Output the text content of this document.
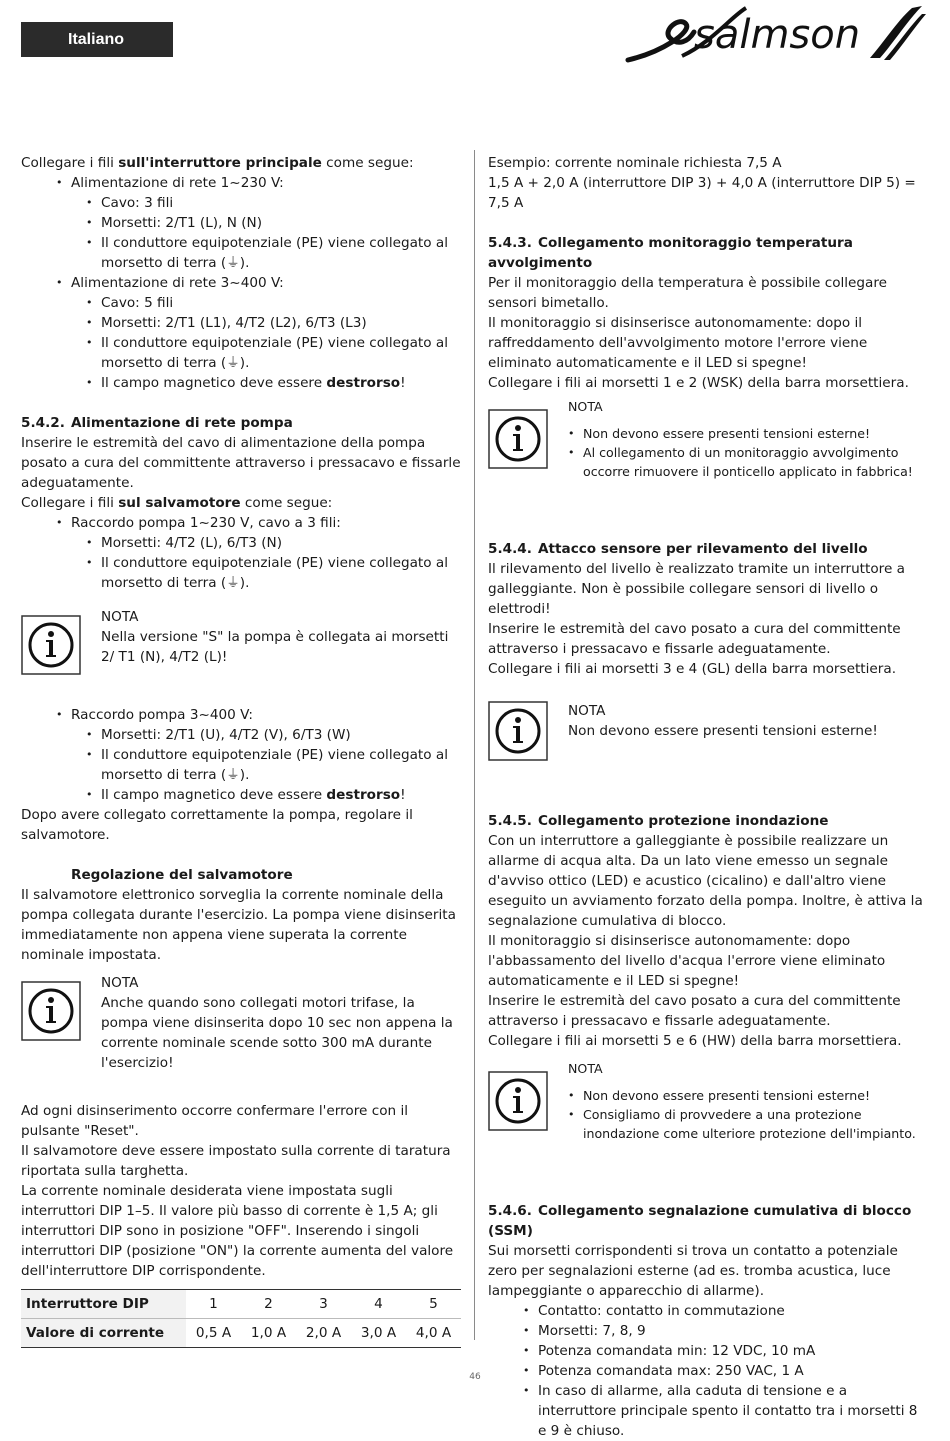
Italiano	salmson

Collegare i fili sull'interruttore principale come segue:

• Alimentazione di rete 1~230 V:
• Cavo: 3 fili
• Morsetti: 2/T1 (L), N (N)
• Il conduttore equipotenziale (PE) viene collegato al morsetto di terra (⏚).
• Alimentazione di rete 3~400 V:
• Cavo: 5 fili
• Morsetti: 2/T1 (L1), 4/T2 (L2), 6/T3 (L3)
• Il conduttore equipotenziale (PE) viene collegato al morsetto di terra (⏚).
• Il campo magnetico deve essere destrorso!

5.4.2. Alimentazione di rete pompa

Inserire le estremità del cavo di alimentazione della pompa posato a cura del committente attraverso i pressacavo e fissarle adeguatamente.

Collegare i fili sul salvamotore come segue:

• Raccordo pompa 1~230 V, cavo a 3 fili:
• Morsetti: 4/T2 (L), 6/T3 (N)
• Il conduttore equipotenziale (PE) viene collegato al morsetto di terra (⏚).

NOTA

Nella versione "S" la pompa è collegata ai morsetti 2/ T1 (N), 4/T2 (L)!

• Raccordo pompa 3~400 V:
• Morsetti: 2/T1 (U), 4/T2 (V), 6/T3 (W)
• Il conduttore equipotenziale (PE) viene collegato al morsetto di terra (⏚).
• Il campo magnetico deve essere destrorso!

Dopo avere collegato correttamente la pompa, regolare il salvamotore.

Regolazione del salvamotore

Il salvamotore elettronico sorveglia la corrente nominale della pompa collegata durante l'esercizio. La pompa viene disinserita immediatamente non appena viene superata la corrente nominale impostata.

NOTA

Anche quando sono collegati motori trifase, la pompa viene disinserita dopo 10 sec non appena la corrente nominale scende sotto 300 mA durante l'esercizio!

Ad ogni disinserimento occorre confermare l'errore con il pulsante "Reset".

Il salvamotore deve essere impostato sulla corrente di taratura riportata sulla targhetta.

La corrente nominale desiderata viene impostata sugli interruttori DIP 1–5. Il valore più basso di corrente è 1,5 A; gli interruttori DIP sono in posizione "OFF". Inserendo i singoli interruttori DIP (posizione "ON") la corrente aumenta del valore dell'interruttore DIP corrispondente.

Interruttore DIP	1	2	3	4	5
Valore di corrente	0,5 A	1,0 A	2,0 A	3,0 A	4,0 A

Esempio: corrente nominale richiesta 7,5 A

1,5 A + 2,0 A (interruttore DIP 3) + 4,0 A (interruttore DIP 5) = 7,5 A

5.4.3. Collegamento monitoraggio temperatura avvolgimento

Per il monitoraggio della temperatura è possibile collegare sensori bimetallo.

Il monitoraggio si disinserisce autonomamente: dopo il raffreddamento dell'avvolgimento motore l'errore viene eliminato automaticamente e il LED si spegne!

Collegare i fili ai morsetti 1 e 2 (WSK) della barra morsettiera.

NOTA

• Non devono essere presenti tensioni esterne!
• Al collegamento di un monitoraggio avvolgimento occorre rimuovere il ponticello applicato in fabbrica!

5.4.4. Attacco sensore per rilevamento del livello

Il rilevamento del livello è realizzato tramite un interruttore a galleggiante. Non è possibile collegare sensori di livello o elettrodi!

Inserire le estremità del cavo posato a cura del committente attraverso i pressacavo e fissarle adeguatamente.

Collegare i fili ai morsetti 3 e 4 (GL) della barra morsettiera.

NOTA

Non devono essere presenti tensioni esterne!

5.4.5. Collegamento protezione inondazione

Con un interruttore a galleggiante è possibile realizzare un allarme di acqua alta. Da un lato viene emesso un segnale d'avviso ottico (LED) e acustico (cicalino) e dall'altro viene eseguito un avviamento forzato della pompa. Inoltre, è attiva la segnalazione cumulativa di blocco.

Il monitoraggio si disinserisce autonomamente: dopo l'abbassamento del livello d'acqua l'errore viene eliminato automaticamente e il LED si spegne!

Inserire le estremità del cavo posato a cura del committente attraverso i pressacavo e fissarle adeguatamente.

Collegare i fili ai morsetti 5 e 6 (HW) della barra morsettiera.

NOTA

• Non devono essere presenti tensioni esterne!
• Consigliamo di provvedere a una protezione inondazione come ulteriore protezione dell'impianto.

5.4.6. Collegamento segnalazione cumulativa di blocco (SSM)

Sui morsetti corrispondenti si trova un contatto a potenziale zero per segnalazioni esterne (ad es. tromba acustica, luce lampeggiante o apparecchio di allarme).

• Contatto: contatto in commutazione
• Morsetti: 7, 8, 9
• Potenza comandata min: 12 VDC, 10 mA
• Potenza comandata max: 250 VAC, 1 A
• In caso di allarme, alla caduta di tensione e a interruttore principale spento il contatto tra i morsetti 8 e 9 è chiuso.
46
